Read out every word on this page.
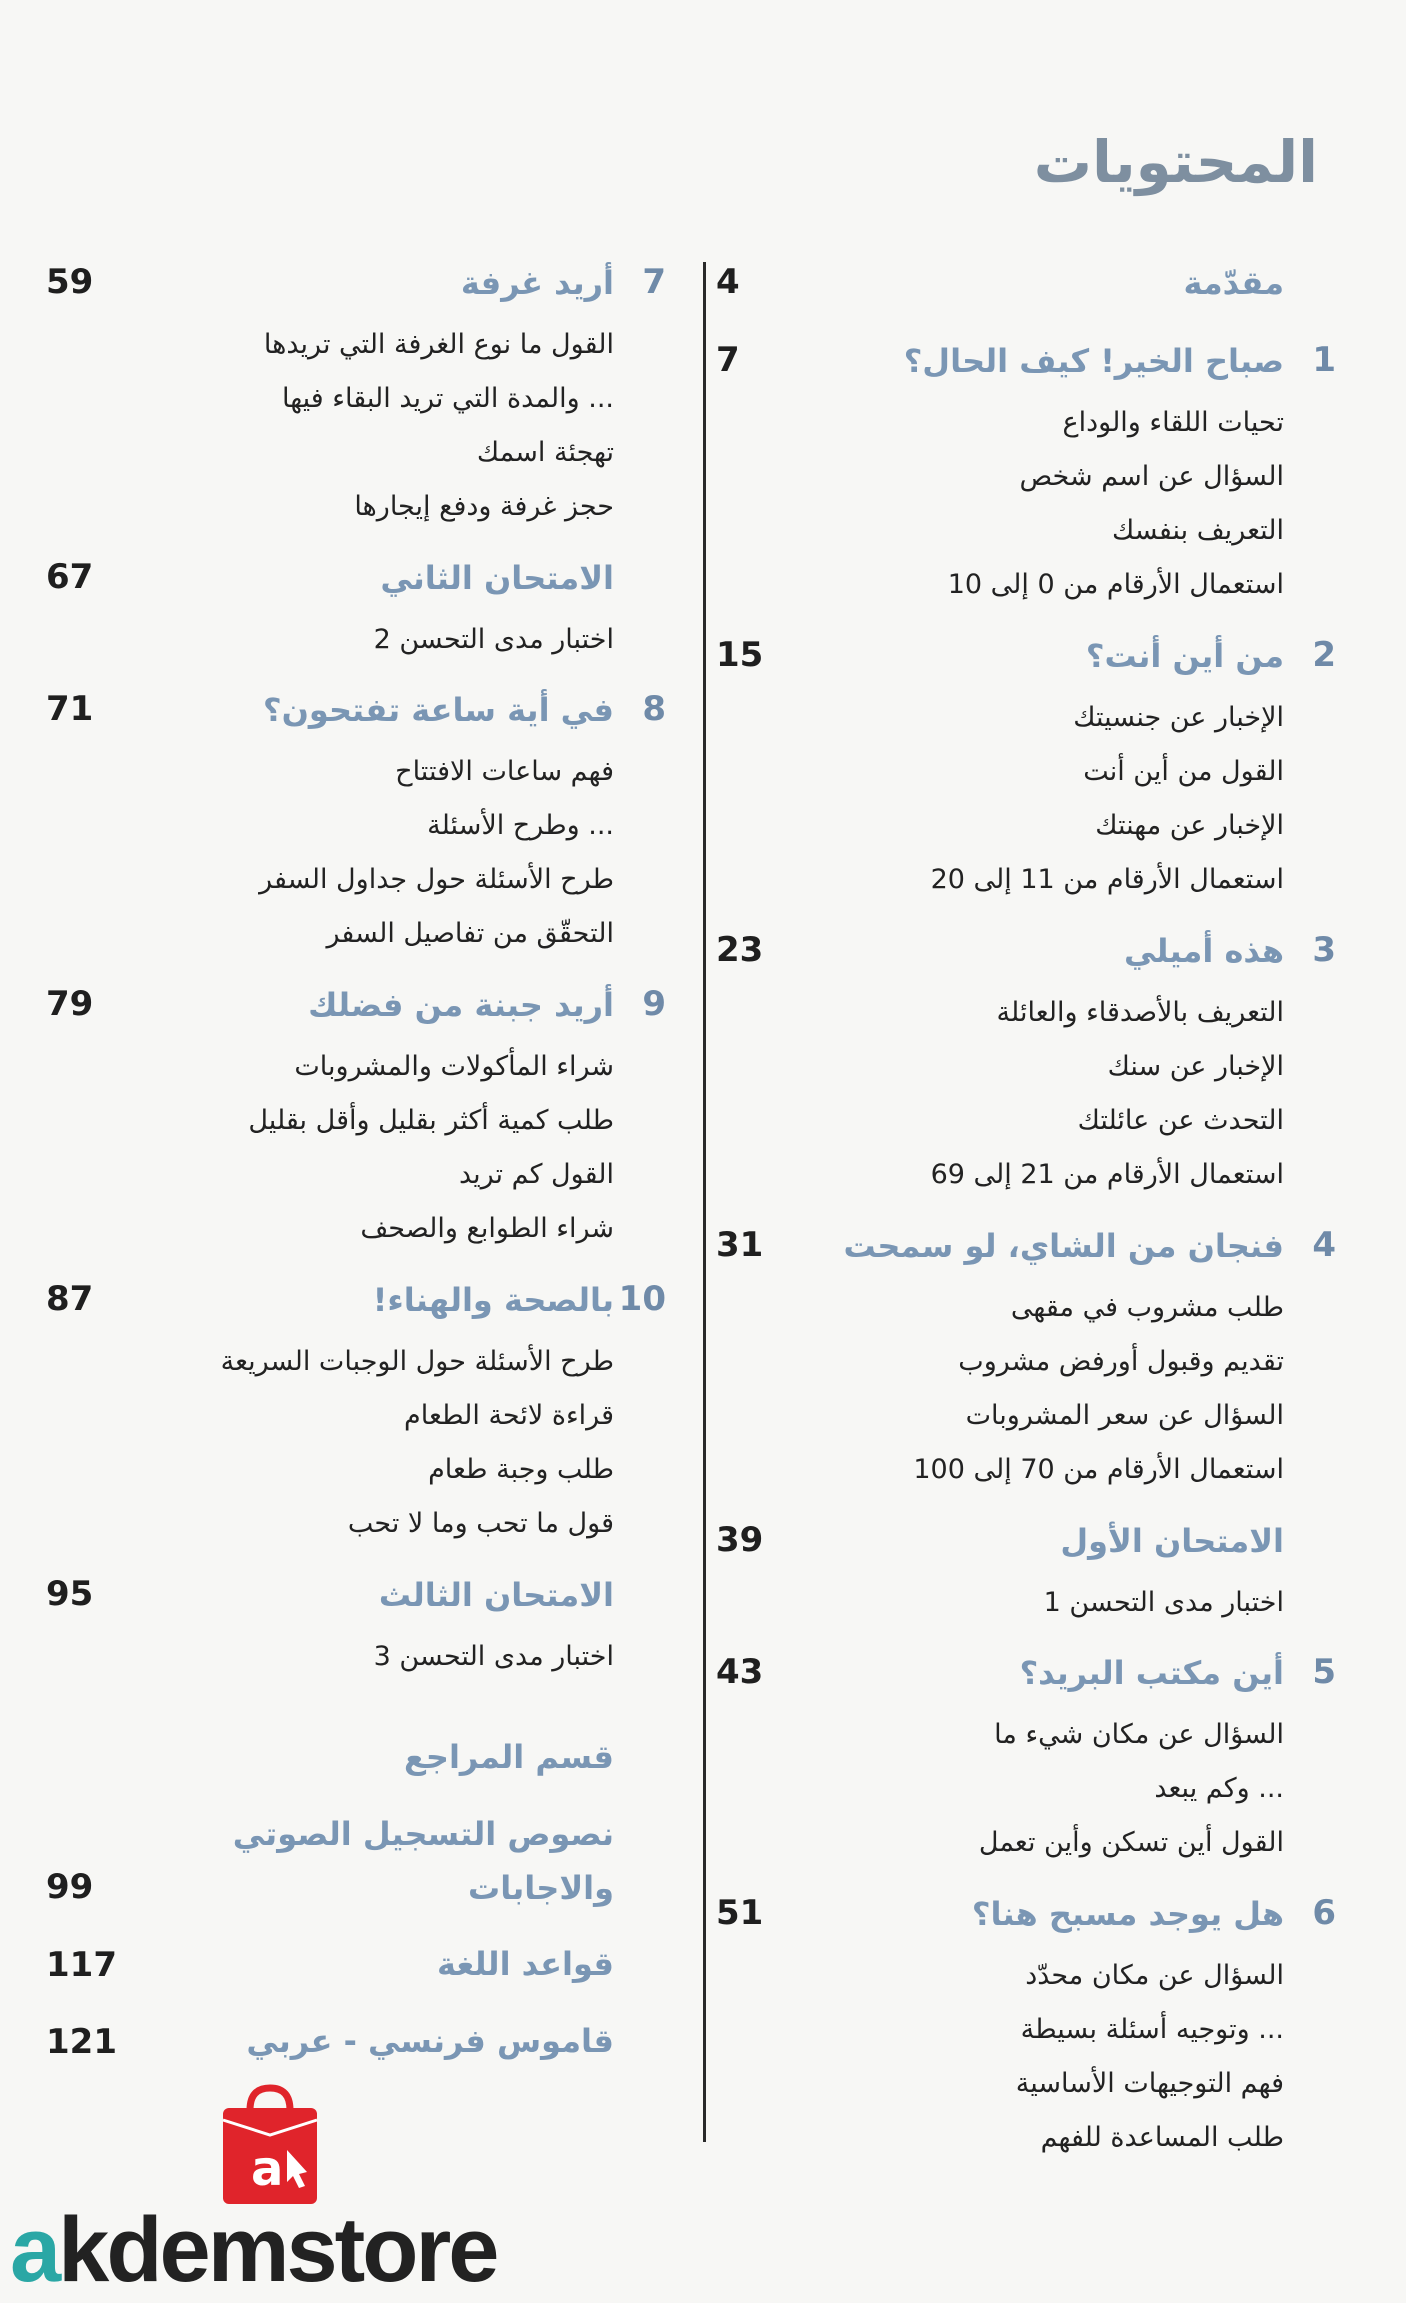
المحتويات
مقدّمة
4
1
صباح الخير! كيف الحال؟
7
تحيات اللقاء والوداع
السؤال عن اسم شخص
التعريف بنفسك
استعمال الأرقام من 0 إلى 10
2
من أين أنت؟
15
الإخبار عن جنسيتك
القول من أين أنت
الإخبار عن مهنتك
استعمال الأرقام من 11 إلى 20
3
هذه أميلي
23
التعريف بالأصدقاء والعائلة
الإخبار عن سنك
التحدث عن عائلتك
استعمال الأرقام من 21 إلى 69
4
فنجان من الشاي، لو سمحت
31
طلب مشروب في مقهى
تقديم وقبول أورفض مشروب
السؤال عن سعر المشروبات
استعمال الأرقام من 70 إلى 100
الامتحان الأول
39
اختبار مدى التحسن 1
5
أين مكتب البريد؟
43
السؤال عن مكان شيء ما
... وكم يبعد
القول أين تسكن وأين تعمل
6
هل يوجد مسبح هنا؟
51
السؤال عن مكان محدّد
... وتوجيه أسئلة بسيطة
فهم التوجيهات الأساسية
طلب المساعدة للفهم
7
أريد غرفة
59
القول ما نوع الغرفة التي تريدها
... والمدة التي تريد البقاء فيها
تهجئة اسمك
حجز غرفة ودفع إيجارها
الامتحان الثاني
67
اختبار مدى التحسن 2
8
في أية ساعة تفتحون؟
71
فهم ساعات الافتتاح
... وطرح الأسئلة
طرح الأسئلة حول جداول السفر
التحقّق من تفاصيل السفر
9
أريد جبنة من فضلك
79
شراء المأكولات والمشروبات
طلب كمية أكثر بقليل وأقل بقليل
القول كم تريد
شراء الطوابع والصحف
10
بالصحة والهناء!
87
طرح الأسئلة حول الوجبات السريعة
قراءة لائحة الطعام
طلب وجبة طعام
قول ما تحب وما لا تحب
الامتحان الثالث
95
اختبار مدى التحسن 3
قسم المراجع
نصوص التسجيل الصوتي
والاجابات
99
قواعد اللغة
117
قاموس فرنسي - عربي
121
a
akdemstore
